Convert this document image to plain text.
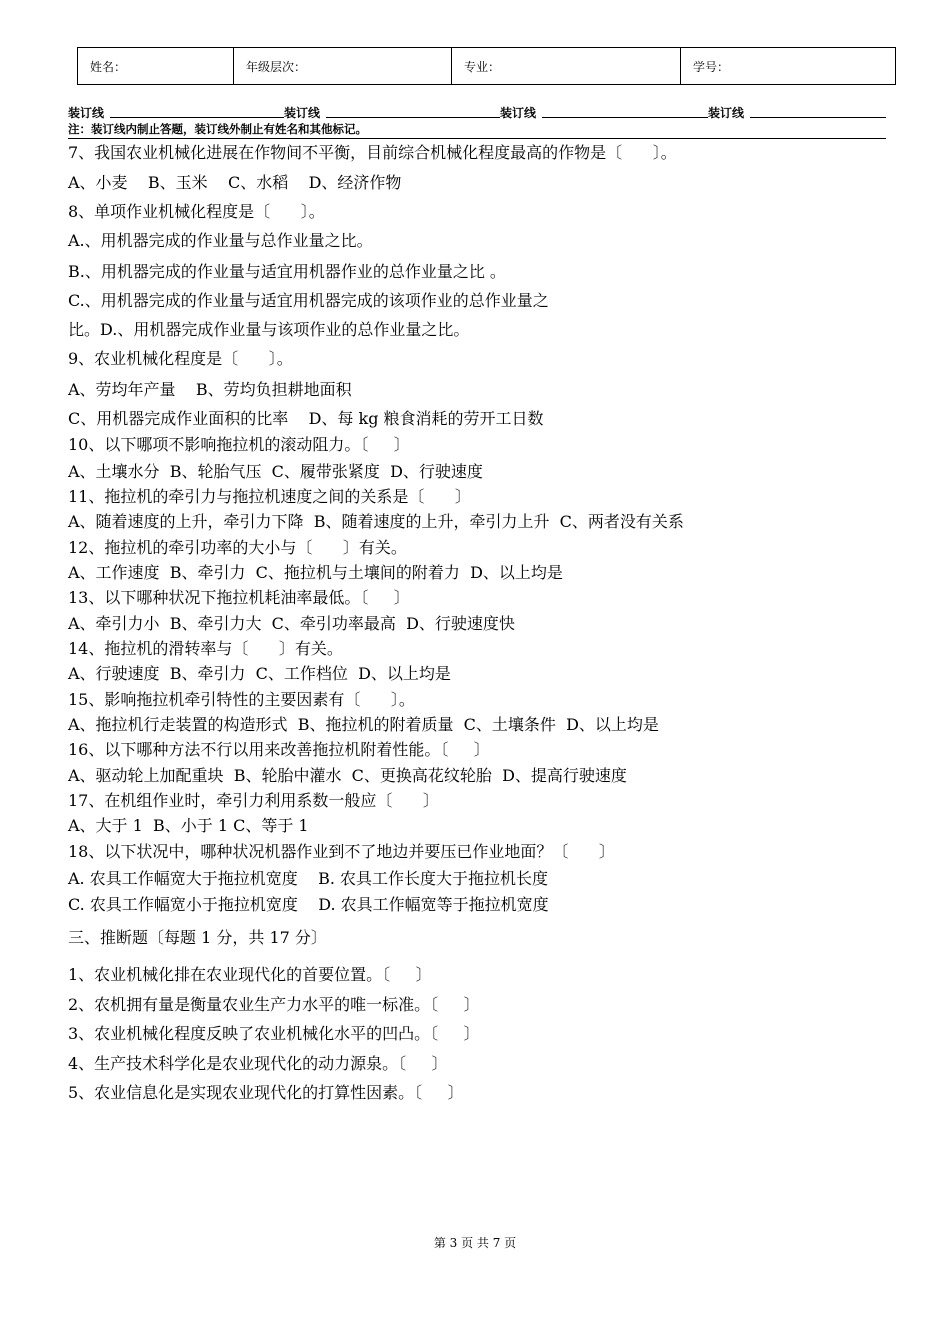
姓名：	年级层次：	专业：	学号：
装订线	装订线	装订线	装订线
注：装订线内制止答题，装订线外制止有姓名和其他标记。
7、我国农业机械化进展在作物间不平衡，目前综合机械化程度最高的作物是〔      〕。
A、小麦    B、玉米    C、水稻    D、经济作物
8、单项作业机械化程度是〔      〕。
A.、用机器完成的作业量与总作业量之比。
B.、用机器完成的作业量与适宜用机器作业的总作业量之比 。
C.、用机器完成的作业量与适宜用机器完成的该项作业的总作业量之
比。D.、用机器完成作业量与该项作业的总作业量之比。
9、农业机械化程度是〔      〕。
A、劳均年产量    B、劳均负担耕地面积
C、用机器完成作业面积的比率    D、每 kg 粮食消耗的劳开工日数
10、以下哪项不影响拖拉机的滚动阻力。〔     〕
A、土壤水分  B、轮胎气压  C、履带张紧度  D、行驶速度
11、拖拉机的牵引力与拖拉机速度之间的关系是〔      〕
A、随着速度的上升，牵引力下降  B、随着速度的上升，牵引力上升  C、两者没有关系
12、拖拉机的牵引功率的大小与〔      〕有关。
A、工作速度  B、牵引力  C、拖拉机与土壤间的附着力  D、以上均是
13、以下哪种状况下拖拉机耗油率最低。〔     〕
A、牵引力小  B、牵引力大  C、牵引功率最高  D、行驶速度快
14、拖拉机的滑转率与〔      〕有关。
A、行驶速度  B、牵引力  C、工作档位  D、以上均是
15、影响拖拉机牵引特性的主要因素有〔      〕。
A、拖拉机行走装置的构造形式  B、拖拉机的附着质量  C、土壤条件  D、以上均是
16、以下哪种方法不行以用来改善拖拉机附着性能。〔     〕
A、驱动轮上加配重块  B、轮胎中灌水  C、更换高花纹轮胎  D、提高行驶速度
17、在机组作业时，牵引力利用系数一般应〔      〕
A、大于 1  B、小于 1 C、等于 1
18、以下状况中，哪种状况机器作业到不了地边并要压已作业地面？〔      〕
A. 农具工作幅宽大于拖拉机宽度    B. 农具工作长度大于拖拉机长度
C. 农具工作幅宽小于拖拉机宽度    D. 农具工作幅宽等于拖拉机宽度
三、推断题〔每题 1 分，共 17 分〕
1、农业机械化排在农业现代化的首要位置。〔     〕
2、农机拥有量是衡量农业生产力水平的唯一标准。〔     〕
3、农业机械化程度反映了农业机械化水平的凹凸。〔     〕
4、生产技术科学化是农业现代化的动力源泉。〔     〕
5、农业信息化是实现农业现代化的打算性因素。〔     〕
第 3 页 共 7 页
